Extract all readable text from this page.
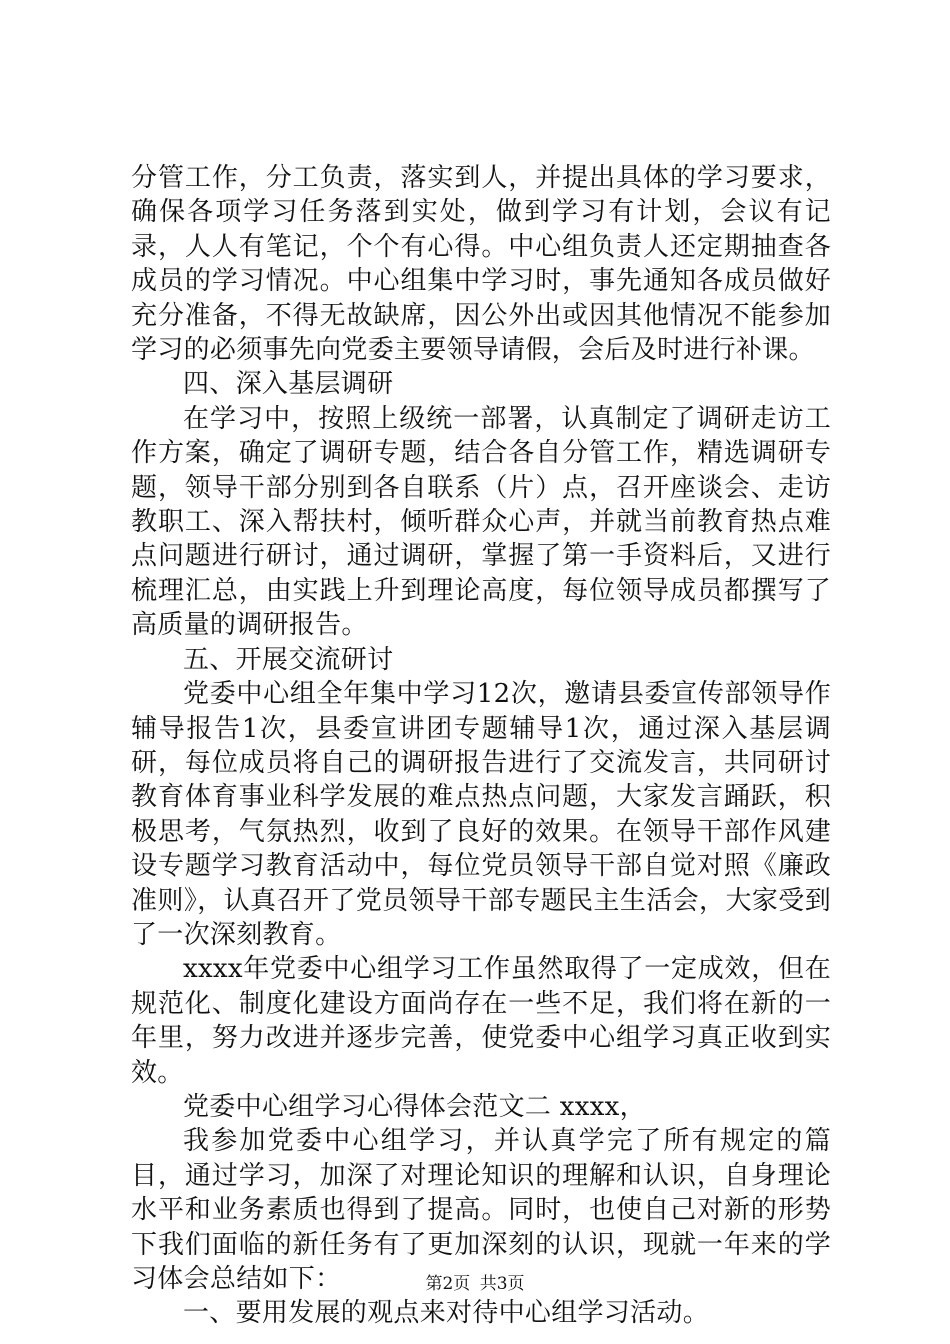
分管工作，分工负责，落实到人，并提出具体的学习要求，确保各项学习任务落到实处，做到学习有计划，会议有记录，人人有笔记，个个有心得。中心组负责人还定期抽查各成员的学习情况。中心组集中学习时，事先通知各成员做好充分准备，不得无故缺席，因公外出或因其他情况不能参加学习的必须事先向党委主要领导请假，会后及时进行补课。

四、深入基层调研

在学习中，按照上级统一部署，认真制定了调研走访工作方案，确定了调研专题，结合各自分管工作，精选调研专题，领导干部分别到各自联系（片）点，召开座谈会、走访教职工、深入帮扶村，倾听群众心声，并就当前教育热点难点问题进行研讨，通过调研，掌握了第一手资料后，又进行梳理汇总，由实践上升到理论高度，每位领导成员都撰写了高质量的调研报告。

五、开展交流研讨

党委中心组全年集中学习12次，邀请县委宣传部领导作辅导报告1次，县委宣讲团专题辅导1次，通过深入基层调研，每位成员将自己的调研报告进行了交流发言，共同研讨教育体育事业科学发展的难点热点问题，大家发言踊跃，积极思考，气氛热烈，收到了良好的效果。在领导干部作风建设专题学习教育活动中，每位党员领导干部自觉对照《廉政准则》，认真召开了党员领导干部专题民主生活会，大家受到了一次深刻教育。

xxxx年党委中心组学习工作虽然取得了一定成效，但在规范化、制度化建设方面尚存在一些不足，我们将在新的一年里，努力改进并逐步完善，使党委中心组学习真正收到实效。

党委中心组学习心得体会范文二 xxxx，

我参加党委中心组学习，并认真学完了所有规定的篇目，通过学习，加深了对理论知识的理解和认识，自身理论水平和业务素质也得到了提高。同时，也使自己对新的形势下我们面临的新任务有了更加深刻的认识，现就一年来的学习体会总结如下：

一、要用发展的观点来对待中心组学习活动。

第2页 共3页
